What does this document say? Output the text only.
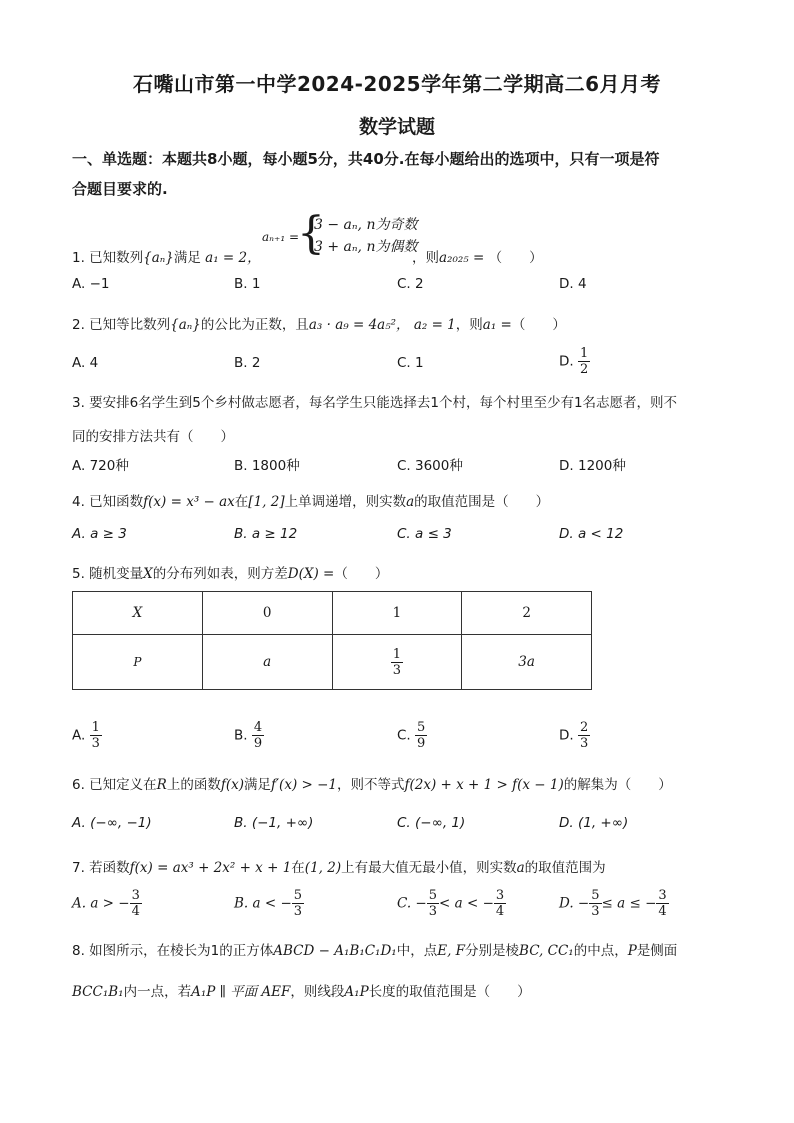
石嘴山市第一中学2024-2025学年第二学期高二6月月考
数学试题
一、单选题：本题共8小题，每小题5分，共40分.在每小题给出的选项中，只有一项是符
合题目要求的.
1. 已知数列{aₙ}满足 a₁ = 2，
aₙ₊₁ =
{
3 − aₙ, n为奇数
3 + aₙ, n为偶数
，则a₂₀₂₅ = （　　）
A. −1	B. 1	C. 2	D. 4
2. 已知等比数列{aₙ}的公比为正数，且a₃ · a₉ = 4a₅²， a₂ = 1，则a₁ =（　　）
A. 4	B. 2	C. 1	D. $\frac{1}{2}$
3. 要安排6名学生到5个乡村做志愿者，每名学生只能选择去1个村，每个村里至少有1名志愿者，则不
同的安排方法共有（　　）
A. 720种	B. 1800种	C. 3600种	D. 1200种
4. 已知函数f(x) = x³ − ax在[1, 2]上单调递增，则实数a的取值范围是（　　）
A. a ≥ 3	B. a ≥ 12	C. a ≤ 3	D. a < 12
5. 随机变量X的分布列如表，则方差D(X) =（　　）
X	0	1	2
P	a	$\frac{1}{3}$	3a
A. $\frac{1}{3}$	B. $\frac{4}{9}$	C. $\frac{5}{9}$	D. $\frac{2}{3}$
6. 已知定义在R上的函数f(x)满足f′(x) > −1，则不等式f(2x) + x + 1 > f(x − 1)的解集为（　　）
A. (−∞, −1)	B. (−1, +∞)	C. (−∞, 1)	D. (1, +∞)
7. 若函数f(x) = ax³ + 2x² + x + 1在(1, 2)上有最大值无最小值，则实数a的取值范围为
A. a > − $\frac{3}{4}$	B. a < − $\frac{5}{3}$	C. − $\frac{5}{3} < a$ < − $\frac{3}{4}$	D. − $\frac{5}{3} \le a$ ≤ − $\frac{3}{4}$
8. 如图所示，在棱长为1的正方体ABCD − A₁B₁C₁D₁中，点E, F分别是棱BC, CC₁的中点，P是侧面
BCC₁B₁内一点，若A₁P ∥ 平面 AEF，则线段A₁P长度的取值范围是（　　）
